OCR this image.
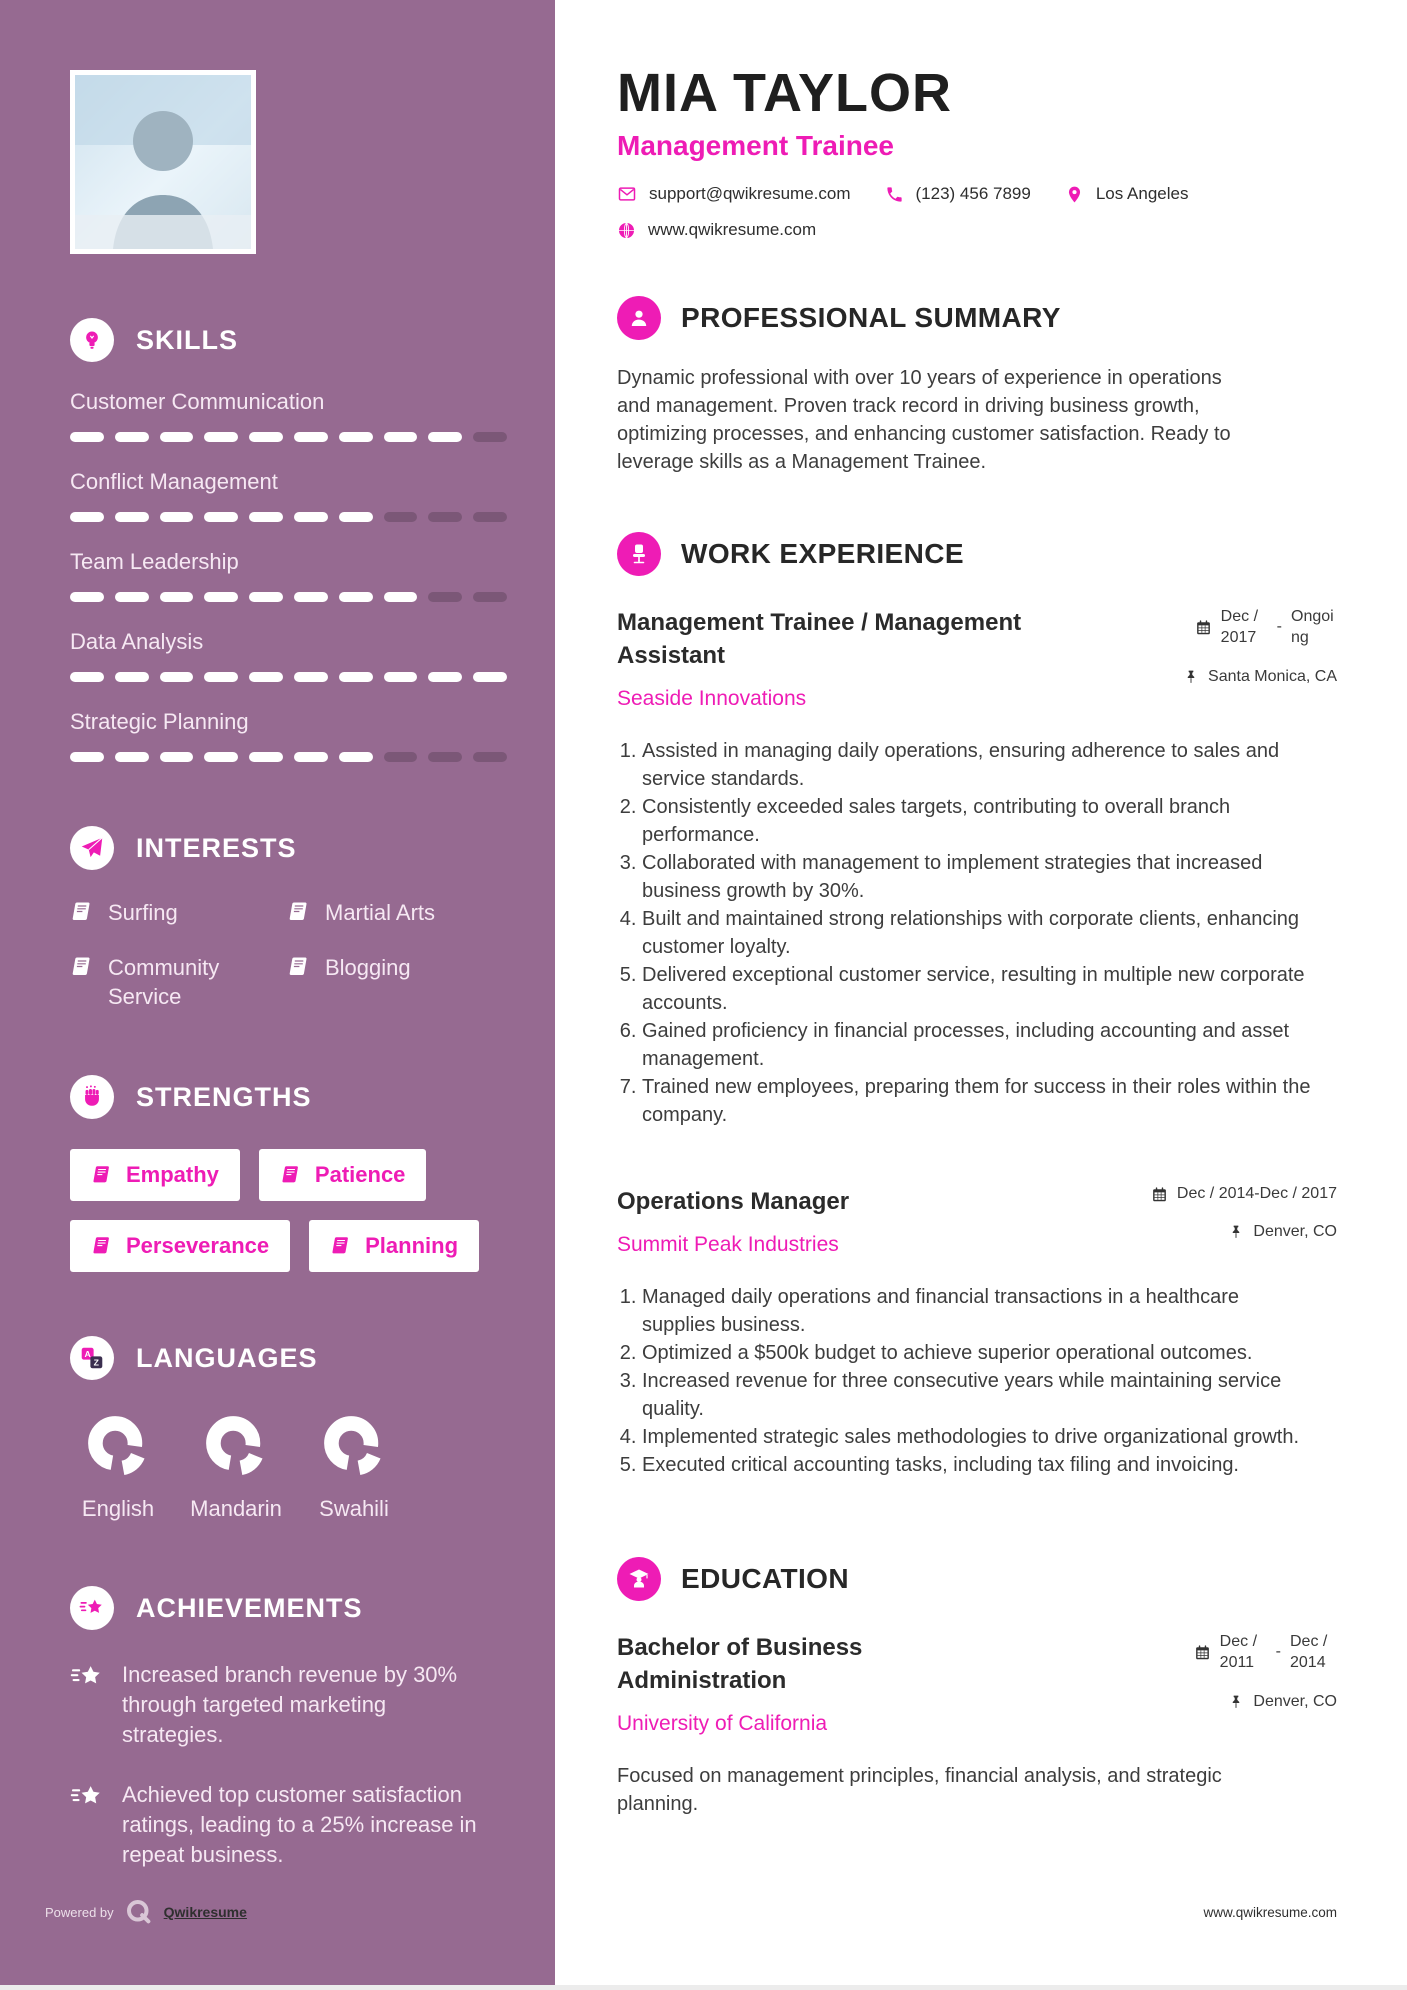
SKILLS
Customer Communication
Conflict Management
Team Leadership
Data Analysis
Strategic Planning
INTERESTS
Surfing	Martial Arts
Community Service
Blogging
STRENGTHS
Empathy	Patience
Perseverance	Planning
A
Z LANGUAGES
English Mandarin Swahili
ACHIEVEMENTS

Increased branch revenue by 30% through targeted marketing strategies.

Achieved top customer satisfaction ratings, leading to a 25% increase in repeat business.

MIA TAYLOR
Management Trainee
support@qwikresume.com	(123) 456 7899	Los Angeles
www.qwikresume.com
PROFESSIONAL SUMMARY

Dynamic professional with over 10 years of experience in operations and management. Proven track record in driving business growth, optimizing processes, and enhancing customer satisfaction. Ready to leverage skills as a Management Trainee.

WORK EXPERIENCE
Management Trainee / Management Assistant
Seaside Innovations
Dec / 2017
-
Ongoing
Santa Monica, CA
1. Assisted in managing daily operations, ensuring adherence to sales and service standards.
2. Consistently exceeded sales targets, contributing to overall branch performance.
3. Collaborated with management to implement strategies that increased business growth by 30%.
4. Built and maintained strong relationships with corporate clients, enhancing customer loyalty.
5. Delivered exceptional customer service, resulting in multiple new corporate accounts.
6. Gained proficiency in financial processes, including accounting and asset management.
7. Trained new employees, preparing them for success in their roles within the company.
Operations Manager
Summit Peak Industries
Dec / 2014-Dec / 2017
Denver, CO
1. Managed daily operations and financial transactions in a healthcare supplies business.
2. Optimized a $500k budget to achieve superior operational outcomes.
3. Increased revenue for three consecutive years while maintaining service quality.
4. Implemented strategic sales methodologies to drive organizational growth.
5. Executed critical accounting tasks, including tax filing and invoicing.
EDUCATION
Bachelor of Business Administration
University of California
Dec / 2011
-
Dec / 2014
Denver, CO

Focused on management principles, financial analysis, and strategic planning.

Powered by	Qwikresume	www.qwikresume.com
